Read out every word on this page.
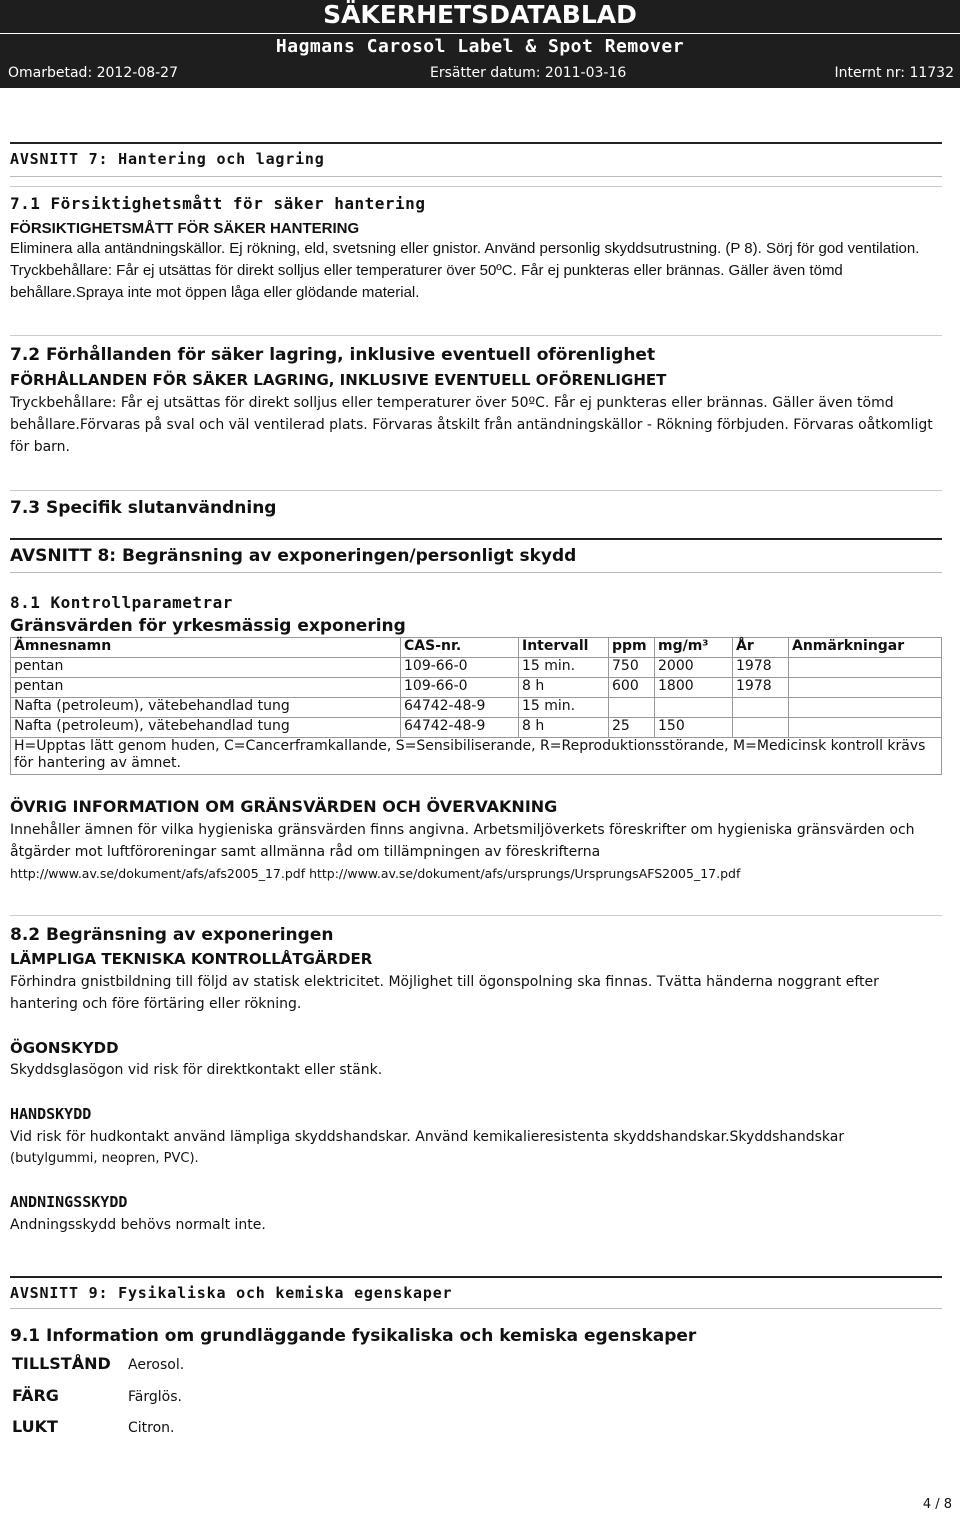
SÄKERHETSDATABLAD
Hagmans Carosol Label & Spot Remover
Omarbetad: 2012-08-27	Ersätter datum: 2011-03-16	Internt nr: 11732
AVSNITT 7: Hantering och lagring
7.1 Försiktighetsmått för säker hantering
FÖRSIKTIGHETSMÅTT FÖR SÄKER HANTERING
Eliminera alla antändningskällor. Ej rökning, eld, svetsning eller gnistor. Använd personlig skyddsutrustning. (P 8). Sörj för god ventilation. Tryckbehållare: Får ej utsättas för direkt solljus eller temperaturer över 50ºC. Får ej punkteras eller brännas. Gäller även tömd behållare.Spraya inte mot öppen låga eller glödande material.
7.2 Förhållanden för säker lagring, inklusive eventuell oförenlighet
FÖRHÅLLANDEN FÖR SÄKER LAGRING, INKLUSIVE EVENTUELL OFÖRENLIGHET
Tryckbehållare: Får ej utsättas för direkt solljus eller temperaturer över 50ºC. Får ej punkteras eller brännas. Gäller även tömd behållare.Förvaras på sval och väl ventilerad plats. Förvaras åtskilt från antändningskällor - Rökning förbjuden. Förvaras oåtkomligt för barn.
7.3 Specifik slutanvändning
AVSNITT 8: Begränsning av exponeringen/personligt skydd
8.1 Kontrollparametrar
Gränsvärden för yrkesmässig exponering
Ämnesnamn	CAS-nr.	Intervall	ppm	mg/m³	År	Anmärkningar
pentan	109-66-0	15 min.	750	2000	1978	
pentan	109-66-0	8 h	600	1800	1978	
Nafta (petroleum), vätebehandlad tung	64742-48-9	15 min.				
Nafta (petroleum), vätebehandlad tung	64742-48-9	8 h	25	150		
H=Upptas lätt genom huden, C=Cancerframkallande, S=Sensibiliserande, R=Reproduktionsstörande, M=Medicinsk kontroll krävs för hantering av ämnet.						
ÖVRIG INFORMATION OM GRÄNSVÄRDEN OCH ÖVERVAKNING
Innehåller ämnen för vilka hygieniska gränsvärden finns angivna. Arbetsmiljöverkets föreskrifter om hygieniska gränsvärden och åtgärder mot luftföroreningar samt allmänna råd om tillämpningen av föreskrifterna
http://www.av.se/dokument/afs/afs2005_17.pdf http://www.av.se/dokument/afs/ursprungs/UrsprungsAFS2005_17.pdf
8.2 Begränsning av exponeringen
LÄMPLIGA TEKNISKA KONTROLLÅTGÄRDER
Förhindra gnistbildning till följd av statisk elektricitet. Möjlighet till ögonspolning ska finnas. Tvätta händerna noggrant efter hantering och före förtäring eller rökning.
ÖGONSKYDD
Skyddsglasögon vid risk för direktkontakt eller stänk.
HANDSKYDD
Vid risk för hudkontakt använd lämpliga skyddshandskar. Använd kemikalieresistenta skyddshandskar.Skyddshandskar
(butylgummi, neopren, PVC).
ANDNINGSSKYDD
Andningsskydd behövs normalt inte.
AVSNITT 9: Fysikaliska och kemiska egenskaper
9.1 Information om grundläggande fysikaliska och kemiska egenskaper
TILLSTÅND Aerosol.
FÄRG	Färglös.
LUKT	Citron.
4 / 8
